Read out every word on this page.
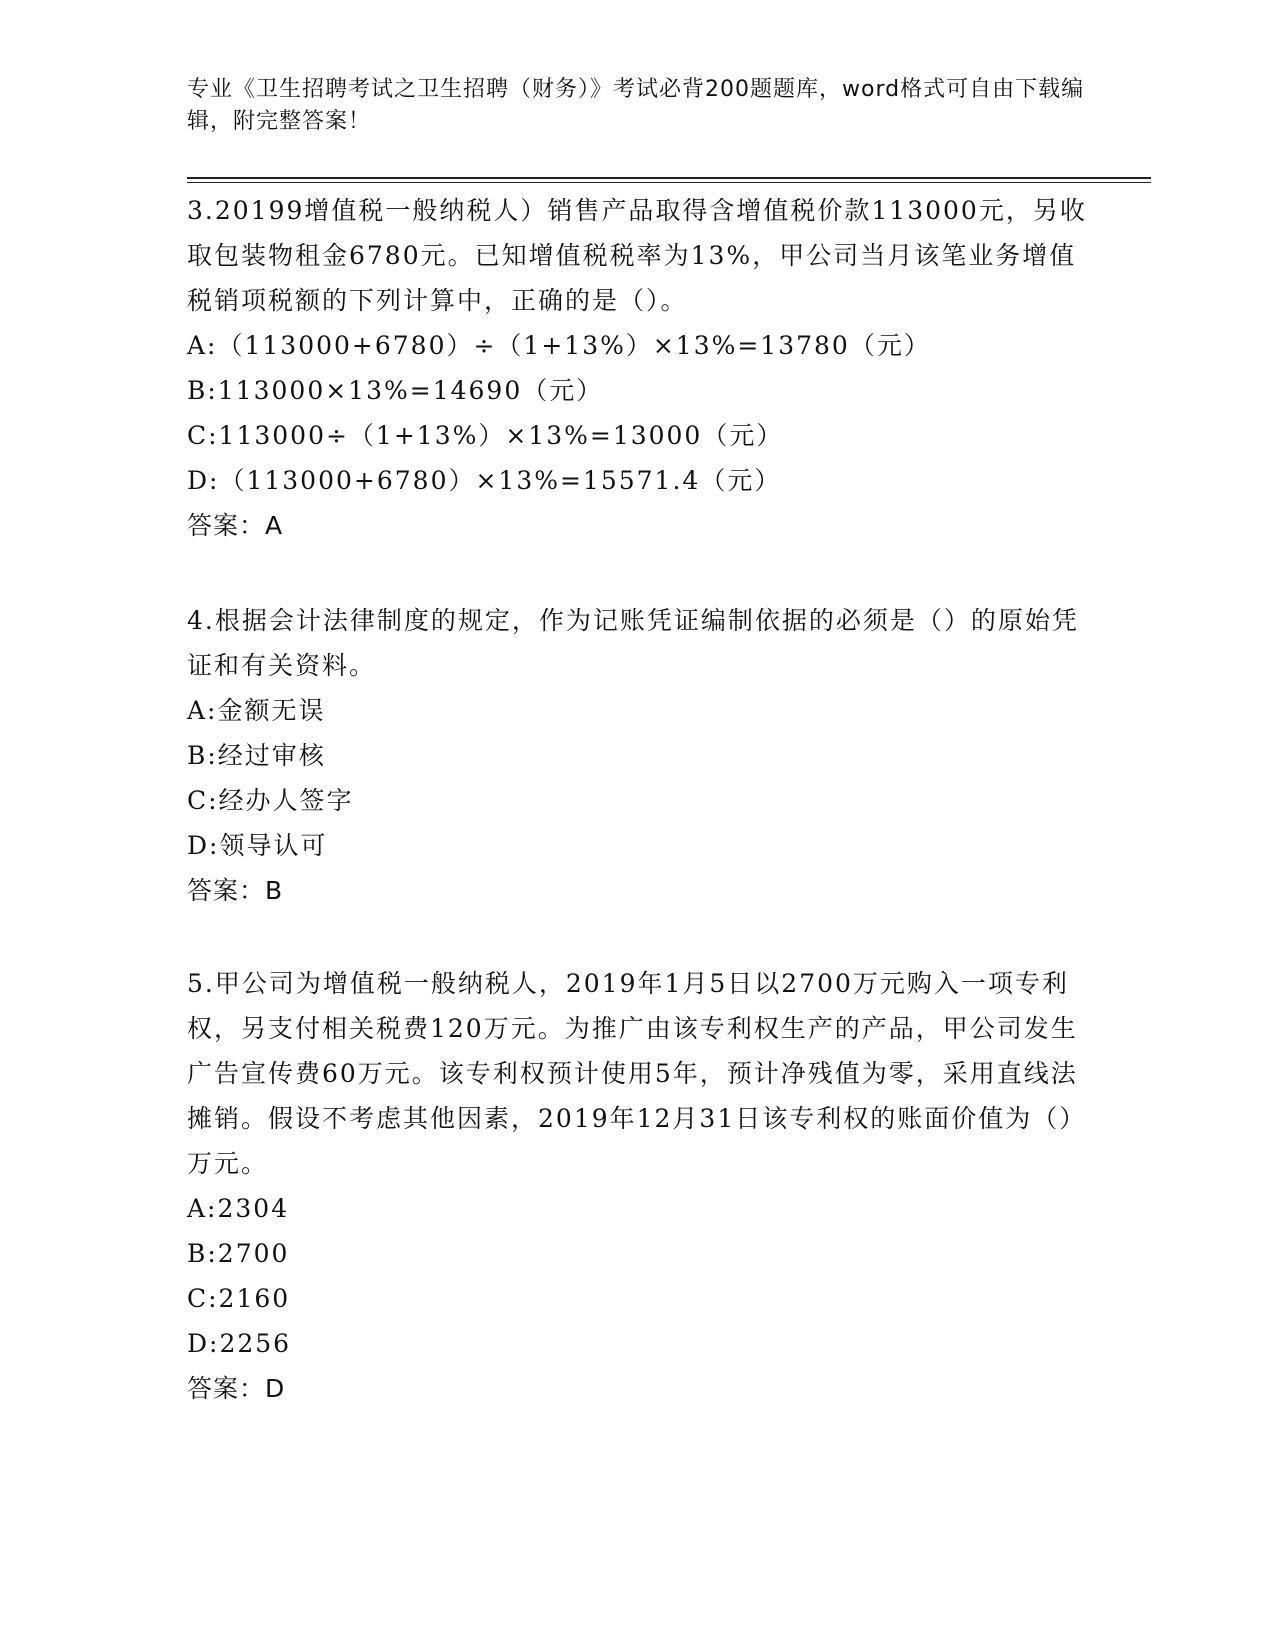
专业《卫生招聘考试之卫生招聘（财务）》考试必背200题题库，word格式可自由下载编辑，附完整答案！
3.20199增值税一般纳税人）销售产品取得含增值税价款113000元，另收取包装物租金6780元。已知增值税税率为13%，甲公司当月该笔业务增值税销项税额的下列计算中，正确的是（）。
A:（113000+6780）÷（1+13%）×13%=13780（元）
B:113000×13%=14690（元）
C:113000÷（1+13%）×13%=13000（元）
D:（113000+6780）×13%=15571.4（元）
答案：A
4.根据会计法律制度的规定，作为记账凭证编制依据的必须是（）的原始凭证和有关资料。
A:金额无误
B:经过审核
C:经办人签字
D:领导认可
答案：B
5.甲公司为增值税一般纳税人，2019年1月5日以2700万元购入一项专利权，另支付相关税费120万元。为推广由该专利权生产的产品，甲公司发生广告宣传费60万元。该专利权预计使用5年，预计净残值为零，采用直线法摊销。假设不考虑其他因素，2019年12月31日该专利权的账面价值为（）万元。
A:2304
B:2700
C:2160
D:2256
答案：D
